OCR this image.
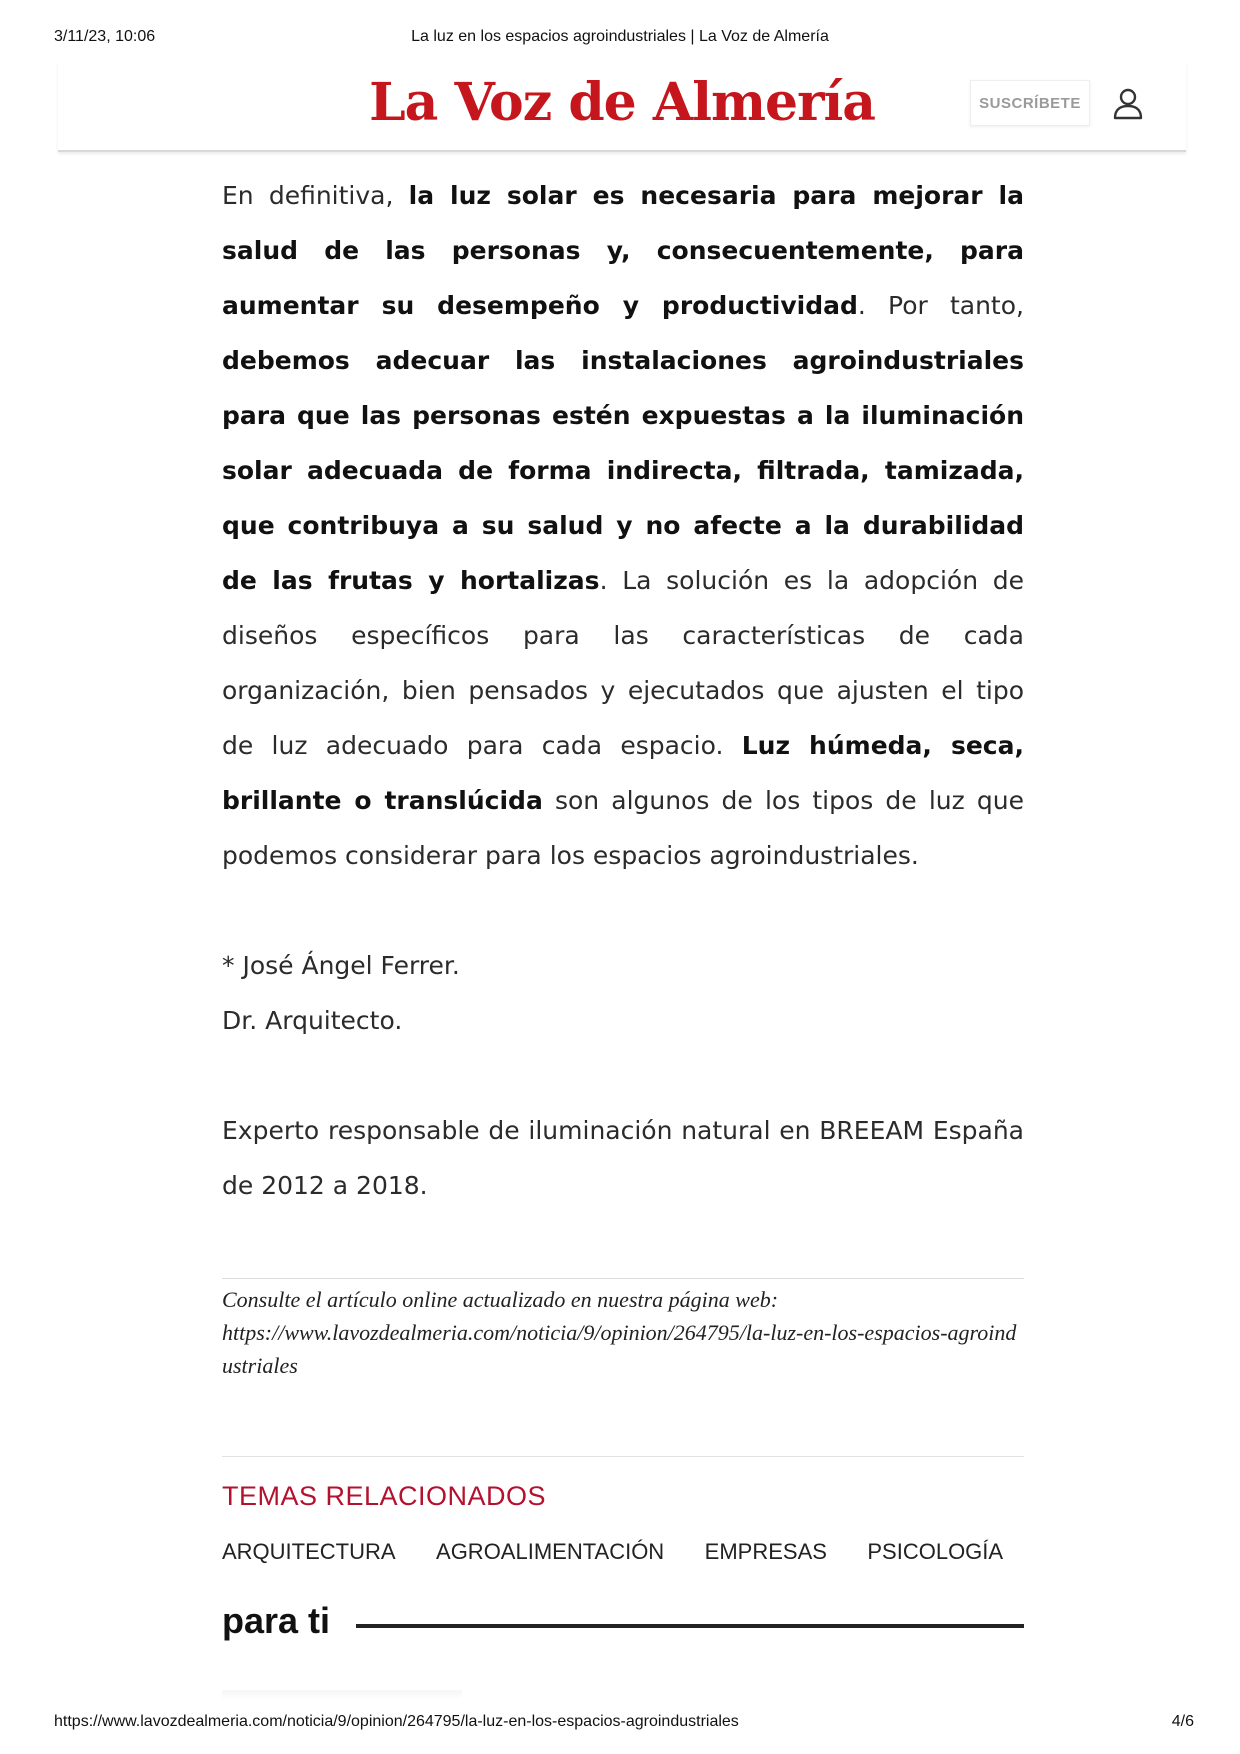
3/11/23, 10:06	La luz en los espacios agroindustriales | La Voz de Almería
La Voz de Almería	SUSCRÍBETE

En definitiva, la luz solar es necesaria para mejorar la salud de las personas y, consecuentemente, para aumentar su desempeño y productividad. Por tanto, debemos adecuar las instalaciones agroindustriales para que las personas estén expuestas a la iluminación solar adecuada de forma indirecta, filtrada, tamizada, que contribuya a su salud y no afecte a la durabilidad de las frutas y hortalizas. La solución es la adopción de diseños específicos para las características de cada organización, bien pensados y ejecutados que ajusten el tipo de luz adecuado para cada espacio. Luz húmeda, seca, brillante o translúcida son algunos de los tipos de luz que podemos considerar para los espacios agroindustriales.

* José Ángel Ferrer.
Dr. Arquitecto.
Experto responsable de iluminación natural en BREEAM España de 2012 a 2018.
Consulte el artículo online actualizado en nuestra página web:
https://www.lavozdealmeria.com/noticia/9/opinion/264795/la-luz-en-los-espacios-agroindustriales
TEMAS RELACIONADOS
ARQUITECTURA AGROALIMENTACIÓN EMPRESAS PSICOLOGÍA
para ti
https://www.lavozdealmeria.com/noticia/9/opinion/264795/la-luz-en-los-espacios-agroindustriales	4/6
